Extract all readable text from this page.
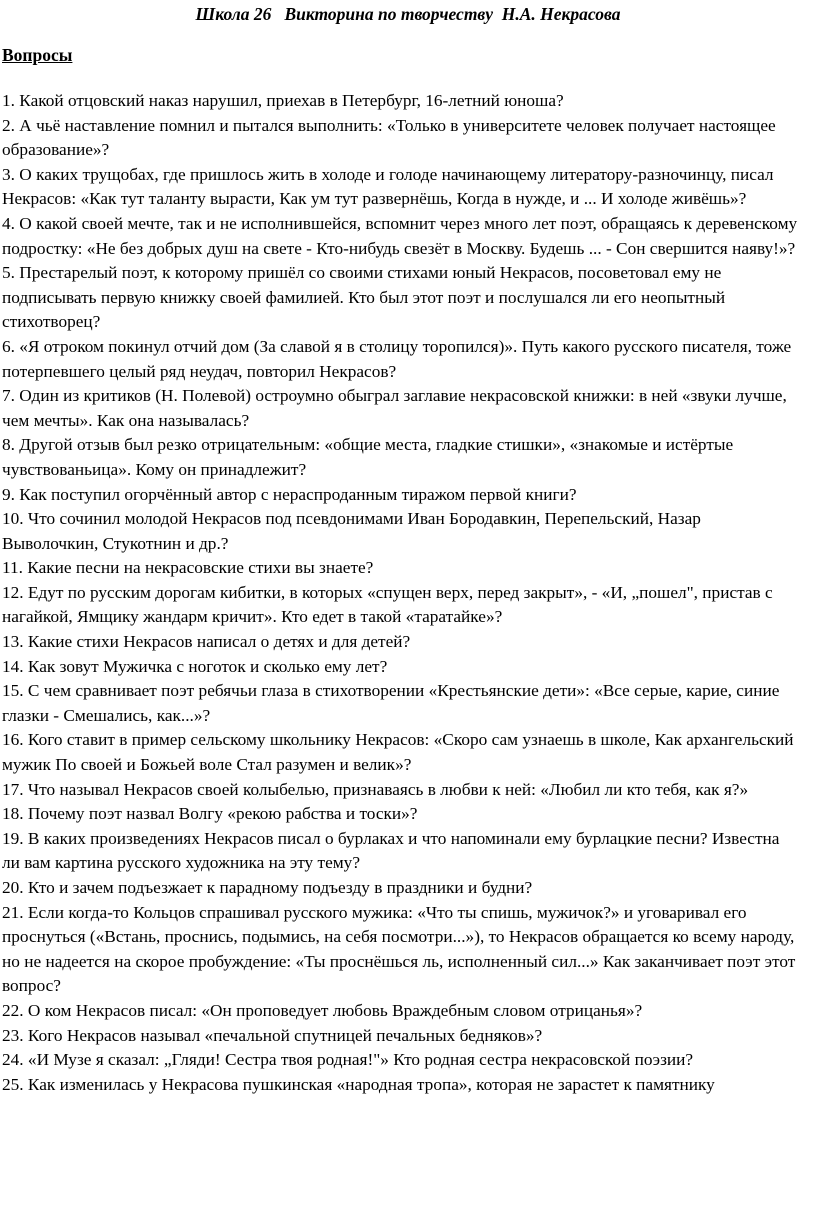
Школа 26   Викторина по творчеству  Н.А. Некрасова
Вопросы
1. Какой отцовский наказ нарушил, приехав в Петербург, 16-летний юноша?
2. А чьё наставление помнил и пытался выполнить: «Только в университете человек получает настоящее образование»?
3. О каких трущобах, где пришлось жить в холоде и голоде начинающему литератору-разночинцу, писал Некрасов: «Как тут таланту вырасти, Как ум тут развернёшь, Когда в нужде, и ... И холоде живёшь»?
4. О какой своей мечте, так и не исполнившейся, вспомнит через много лет поэт, обращаясь к деревенскому подростку: «Не без добрых душ на свете - Кто-нибудь свезёт в Москву. Будешь ... - Сон свершится наяву!»?
5. Престарелый поэт, к которому пришёл со своими стихами юный Некрасов, посоветовал ему не подписывать первую книжку своей фамилией. Кто был этот поэт и послушался ли его неопытный стихотворец?
6. «Я отроком покинул отчий дом (За славой я в столицу торопился)». Путь какого русского писателя, тоже потерпевшего целый ряд неудач, повторил Некрасов?
7. Один из критиков (Н. Полевой) остроумно обыграл заглавие некрасовской книжки: в ней «звуки лучше, чем мечты». Как она называлась?
8. Другой отзыв был резко отрицательным: «общие места, гладкие стишки», «знакомые и истёртые чувствованьица». Кому он принадлежит?
9. Как поступил огорчённый автор с нераспроданным тиражом первой книги?
10. Что сочинил молодой Некрасов под псевдонимами Иван Бородавкин, Перепельский, Назар Выволочкин, Стукотнин и др.?
11. Какие песни на некрасовские стихи вы знаете?
12. Едут по русским дорогам кибитки, в которых «спущен верх, перед закрыт», - «И, „пошел", пристав с нагайкой, Ямщику жандарм кричит». Кто едет в такой «таратайке»?
13. Какие стихи Некрасов написал о детях и для детей?
14. Как зовут Мужичка с ноготок и сколько ему лет?
15. С чем сравнивает поэт ребячьи глаза в стихотворении «Крестьянские дети»: «Все серые, карие, синие глазки - Смешались, как...»?
16. Кого ставит в пример сельскому школьнику Некрасов: «Скоро сам узнаешь в школе, Как архангельский мужик По своей и Божьей воле Стал разумен и велик»?
17. Что называл Некрасов своей колыбелью, признаваясь в любви к ней: «Любил ли кто тебя, как я?»
18. Почему поэт назвал Волгу «рекою рабства и тоски»?
19. В каких произведениях Некрасов писал о бурлаках и что напоминали ему бурлацкие песни? Известна ли вам картина русского художника на эту тему?
20. Кто и зачем подъезжает к парадному подъезду в праздники и будни?
21. Если когда-то Кольцов спрашивал русского мужика: «Что ты спишь, мужичок?» и уговаривал его проснуться («Встань, проснись, подымись, на себя посмотри...»), то Некрасов обращается ко всему народу, но не надеется на скорое пробуждение: «Ты проснёшься ль, исполненный сил...» Как заканчивает поэт этот вопрос?
22. О ком Некрасов писал: «Он проповедует любовь Враждебным словом отрицанья»?
23. Кого Некрасов называл «печальной спутницей печальных бедняков»?
24. «И Музе я сказал: „Гляди! Сестра твоя родная!"» Кто родная сестра некрасовской поэзии?
25. Как изменилась у Некрасова пушкинская «народная тропа», которая не зарастет к памятнику
